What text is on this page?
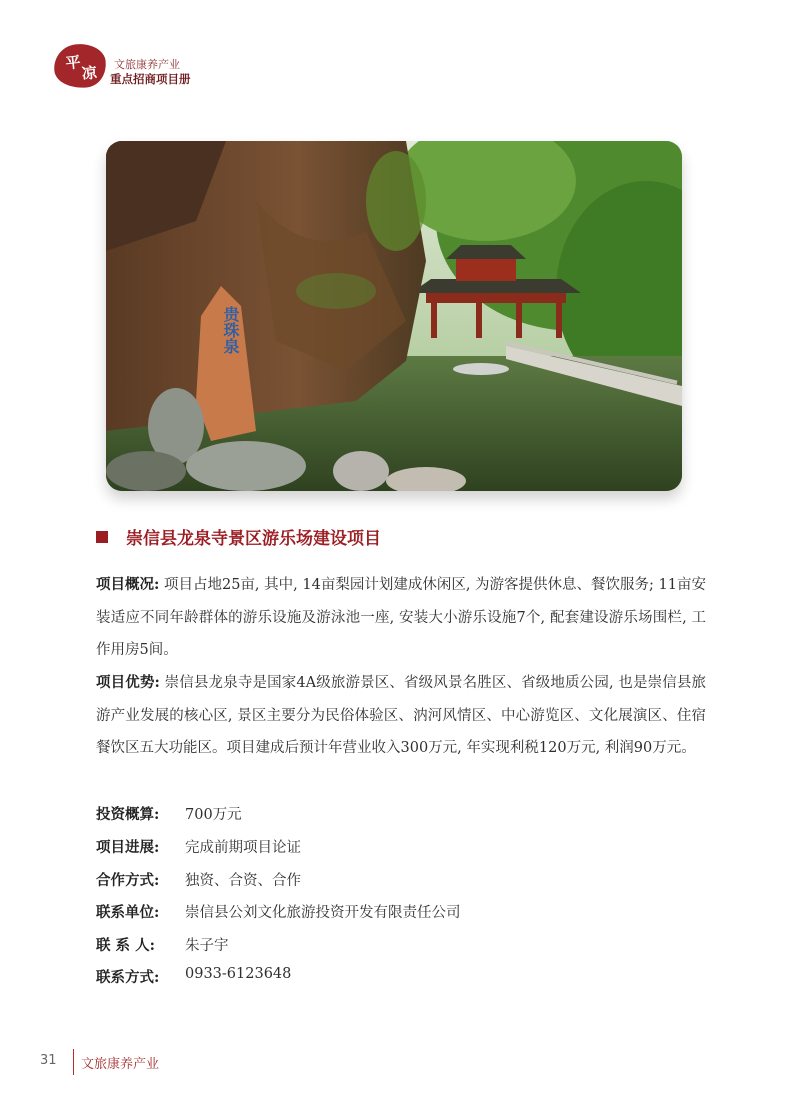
平
凉 文旅康养产业
重点招商项目册
贵珠泉
崇信县龙泉寺景区游乐场建设项目
项目概况: 项目占地25亩, 其中, 14亩梨园计划建成休闲区, 为游客提供休息、餐饮服务; 11亩安装适应不同年龄群体的游乐设施及游泳池一座, 安装大小游乐设施7个, 配套建设游乐场围栏, 工作用房5间。
项目优势: 崇信县龙泉寺是国家4A级旅游景区、省级风景名胜区、省级地质公园, 也是崇信县旅游产业发展的核心区, 景区主要分为民俗体验区、汭河风情区、中心游览区、文化展演区、住宿餐饮区五大功能区。项目建成后预计年营业收入300万元, 年实现利税120万元, 利润90万元。
投资概算: 700万元
项目进展: 完成前期项目论证
合作方式: 独资、合资、合作
联系单位: 崇信县公刘文化旅游投资开发有限责任公司
联 系 人: 朱子宇
联系方式: 0933-6123648
31 文旅康养产业
